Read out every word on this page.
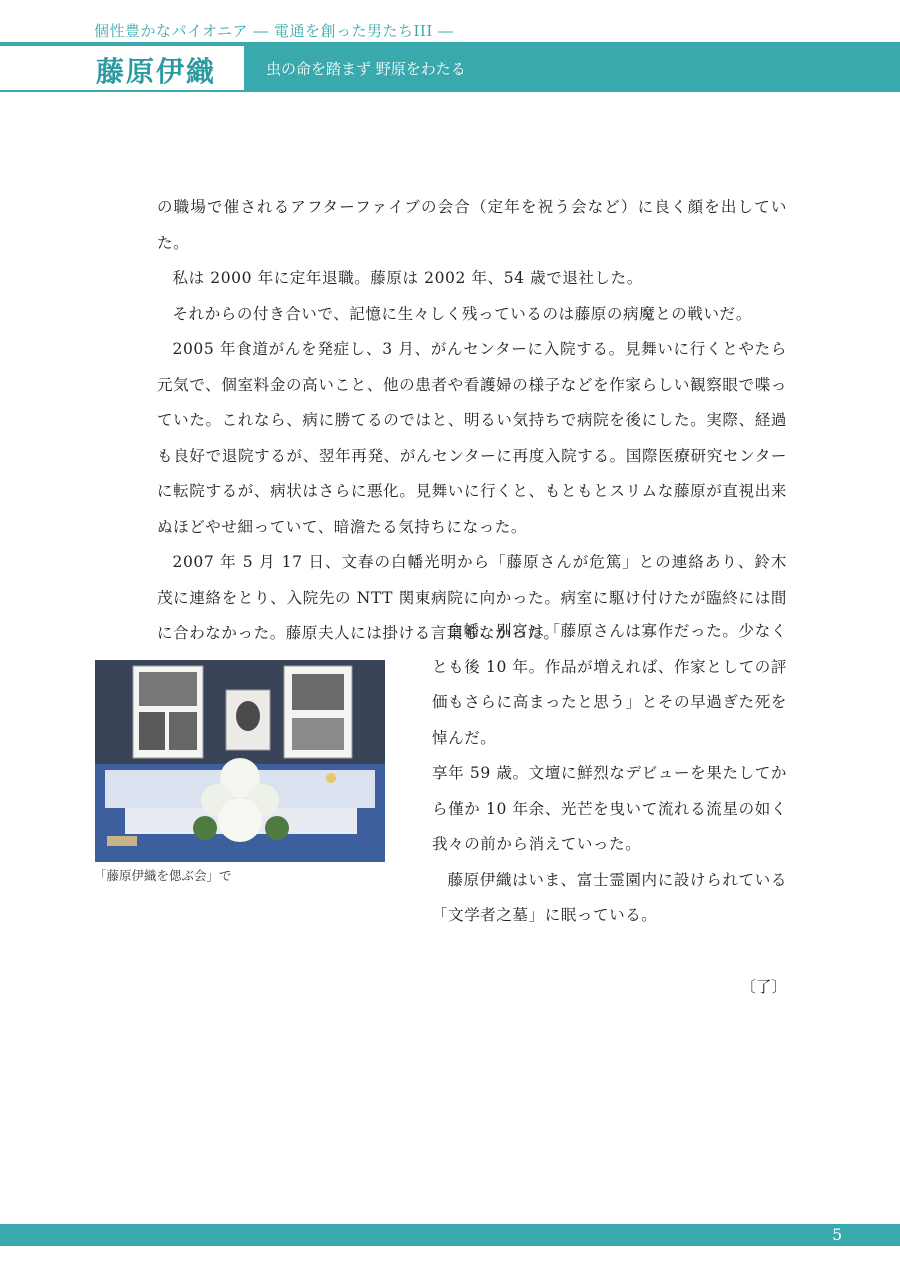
個性豊かなパイオニア ― 電通を創った男たちIII ―
藤原伊織	虫の命を踏まず 野原をわたる

の職場で催されるアフターファイブの会合（定年を祝う会など）に良く顔を出していた。

私は 2000 年に定年退職。藤原は 2002 年、54 歳で退社した。

それからの付き合いで、記憶に生々しく残っているのは藤原の病魔との戦いだ。

2005 年食道がんを発症し、3 月、がんセンターに入院する。見舞いに行くとやたら元気で、個室料金の高いこと、他の患者や看護婦の様子などを作家らしい観察眼で喋っていた。これなら、病に勝てるのではと、明るい気持ちで病院を後にした。実際、経過も良好で退院するが、翌年再発、がんセンターに再度入院する。国際医療研究センターに転院するが、病状はさらに悪化。見舞いに行くと、もともとスリムな藤原が直視出来ぬほどやせ細っていて、暗澹たる気持ちになった。

2007 年 5 月 17 日、文春の白幡光明から「藤原さんが危篤」との連絡あり、鈴木茂に連絡をとり、入院先の NTT 関東病院に向かった。病室に駆け付けたが臨終には間に合わなかった。藤原夫人には掛ける言葉もなかった。

「藤原伊織を偲ぶ会」で

白幡、別宮は「藤原さんは寡作だった。少なくとも後 10 年。作品が増えれば、作家としての評価もさらに高まったと思う」とその早過ぎた死を悼んだ。

享年 59 歳。文壇に鮮烈なデビューを果たしてから僅か 10 年余、光芒を曳いて流れる流星の如く我々の前から消えていった。

藤原伊織はいま、富士霊園内に設けられている「文学者之墓」に眠っている。

〔了〕
5
